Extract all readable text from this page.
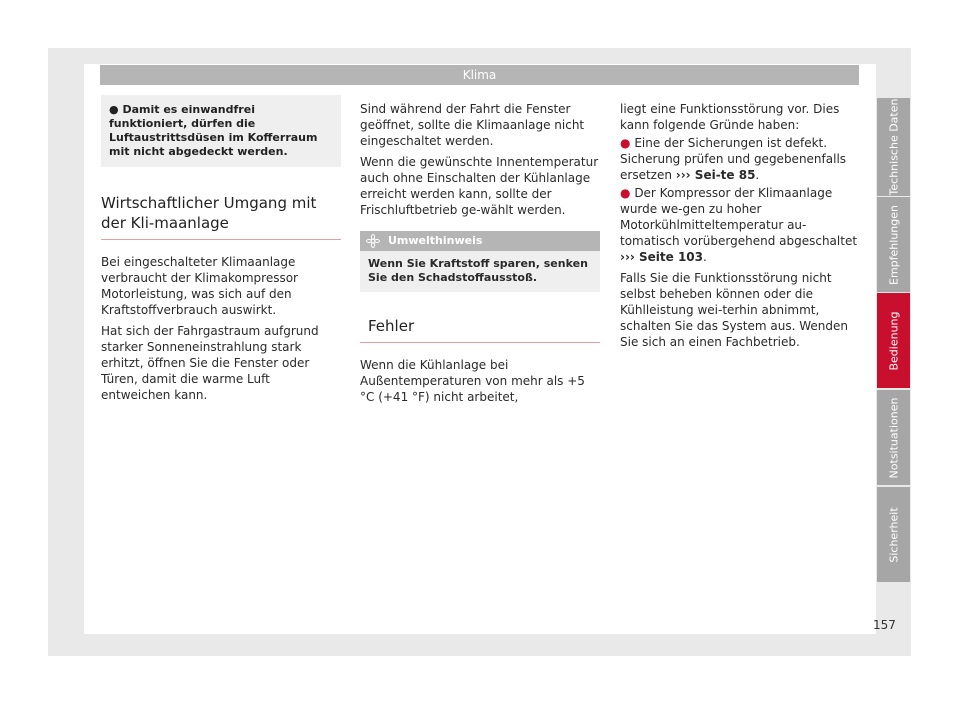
Klima
● Damit es einwandfrei funktioniert, dürfen die Luftaustrittsdüsen im Kofferraum mit nicht abgedeckt werden.
Wirtschaftlicher Umgang mit der Kli-maanlage

Bei eingeschalteter Klimaanlage verbraucht der Klimakompressor Motorleistung, was sich auf den Kraftstoffverbrauch auswirkt.

Hat sich der Fahrgastraum aufgrund starker Sonneneinstrahlung stark erhitzt, öffnen Sie die Fenster oder Türen, damit die warme Luft entweichen kann.

Sind während der Fahrt die Fenster geöffnet, sollte die Klimaanlage nicht eingeschaltet werden.

Wenn die gewünschte Innentemperatur auch ohne Einschalten der Kühlanlage erreicht werden kann, sollte der Frischluftbetrieb ge-wählt werden.

Umwelthinweis
Wenn Sie Kraftstoff sparen, senken Sie den Schadstoffausstoß.
Fehler

Wenn die Kühlanlage bei Außentemperaturen von mehr als +5 °C (+41 °F) nicht arbeitet,

liegt eine Funktionsstörung vor. Dies kann folgende Gründe haben:

● Eine der Sicherungen ist defekt. Sicherung prüfen und gegebenenfalls ersetzen ››› Sei-te 85.

● Der Kompressor der Klimaanlage wurde we-gen zu hoher Motorkühlmitteltemperatur au-tomatisch vorübergehend abgeschaltet ››› Seite 103.

Falls Sie die Funktionsstörung nicht selbst beheben können oder die Kühlleistung wei-terhin abnimmt, schalten Sie das System aus. Wenden Sie sich an einen Fachbetrieb.

Technische Daten
Empfehlungen
Bedienung
Notsituationen
Sicherheit
157
